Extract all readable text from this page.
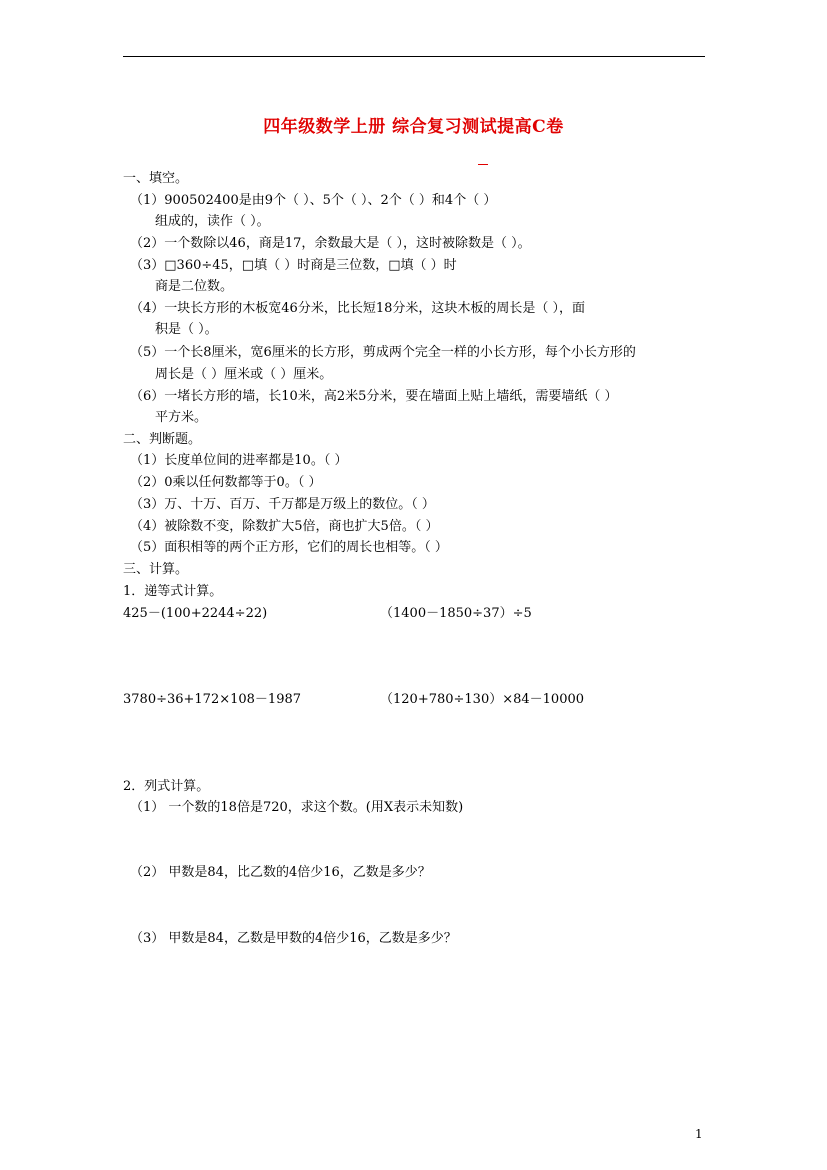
四年级数学上册 综合复习测试提高C卷
一、填空。
（1）900502400是由9个（ ）、5个（ ）、2个（ ）和4个（ ）
组成的，读作（ ）。
（2）一个数除以46，商是17，余数最大是（ ），这时被除数是（ ）。
（3）□360÷45，□填（ ）时商是三位数，□填（ ）时
商是二位数。
（4）一块长方形的木板宽46分米，比长短18分米，这块木板的周长是（ ），面
积是（ ）。
（5）一个长8厘米，宽6厘米的长方形，剪成两个完全一样的小长方形，每个小长方形的
周长是（ ）厘米或（ ）厘米。
（6）一堵长方形的墙，长10米，高2米5分米，要在墙面上贴上墙纸，需要墙纸（ ）
平方米。
二、判断题。
（1）长度单位间的进率都是10。（ ）
（2）0乘以任何数都等于0。（ ）
（3）万、十万、百万、千万都是万级上的数位。（ ）
（4）被除数不变，除数扩大5倍，商也扩大5倍。（ ）
（5）面积相等的两个正方形，它们的周长也相等。（ ）
三、计算。
1．递等式计算。
425－(100+2244÷22)	（1400－1850÷37）÷5
3780÷36+172×108－1987	（120+780÷130）×84－10000
2．列式计算。
（1） 一个数的18倍是720，求这个数。(用X表示未知数)
（2） 甲数是84，比乙数的4倍少16，乙数是多少？
（3） 甲数是84，乙数是甲数的4倍少16，乙数是多少？
1
